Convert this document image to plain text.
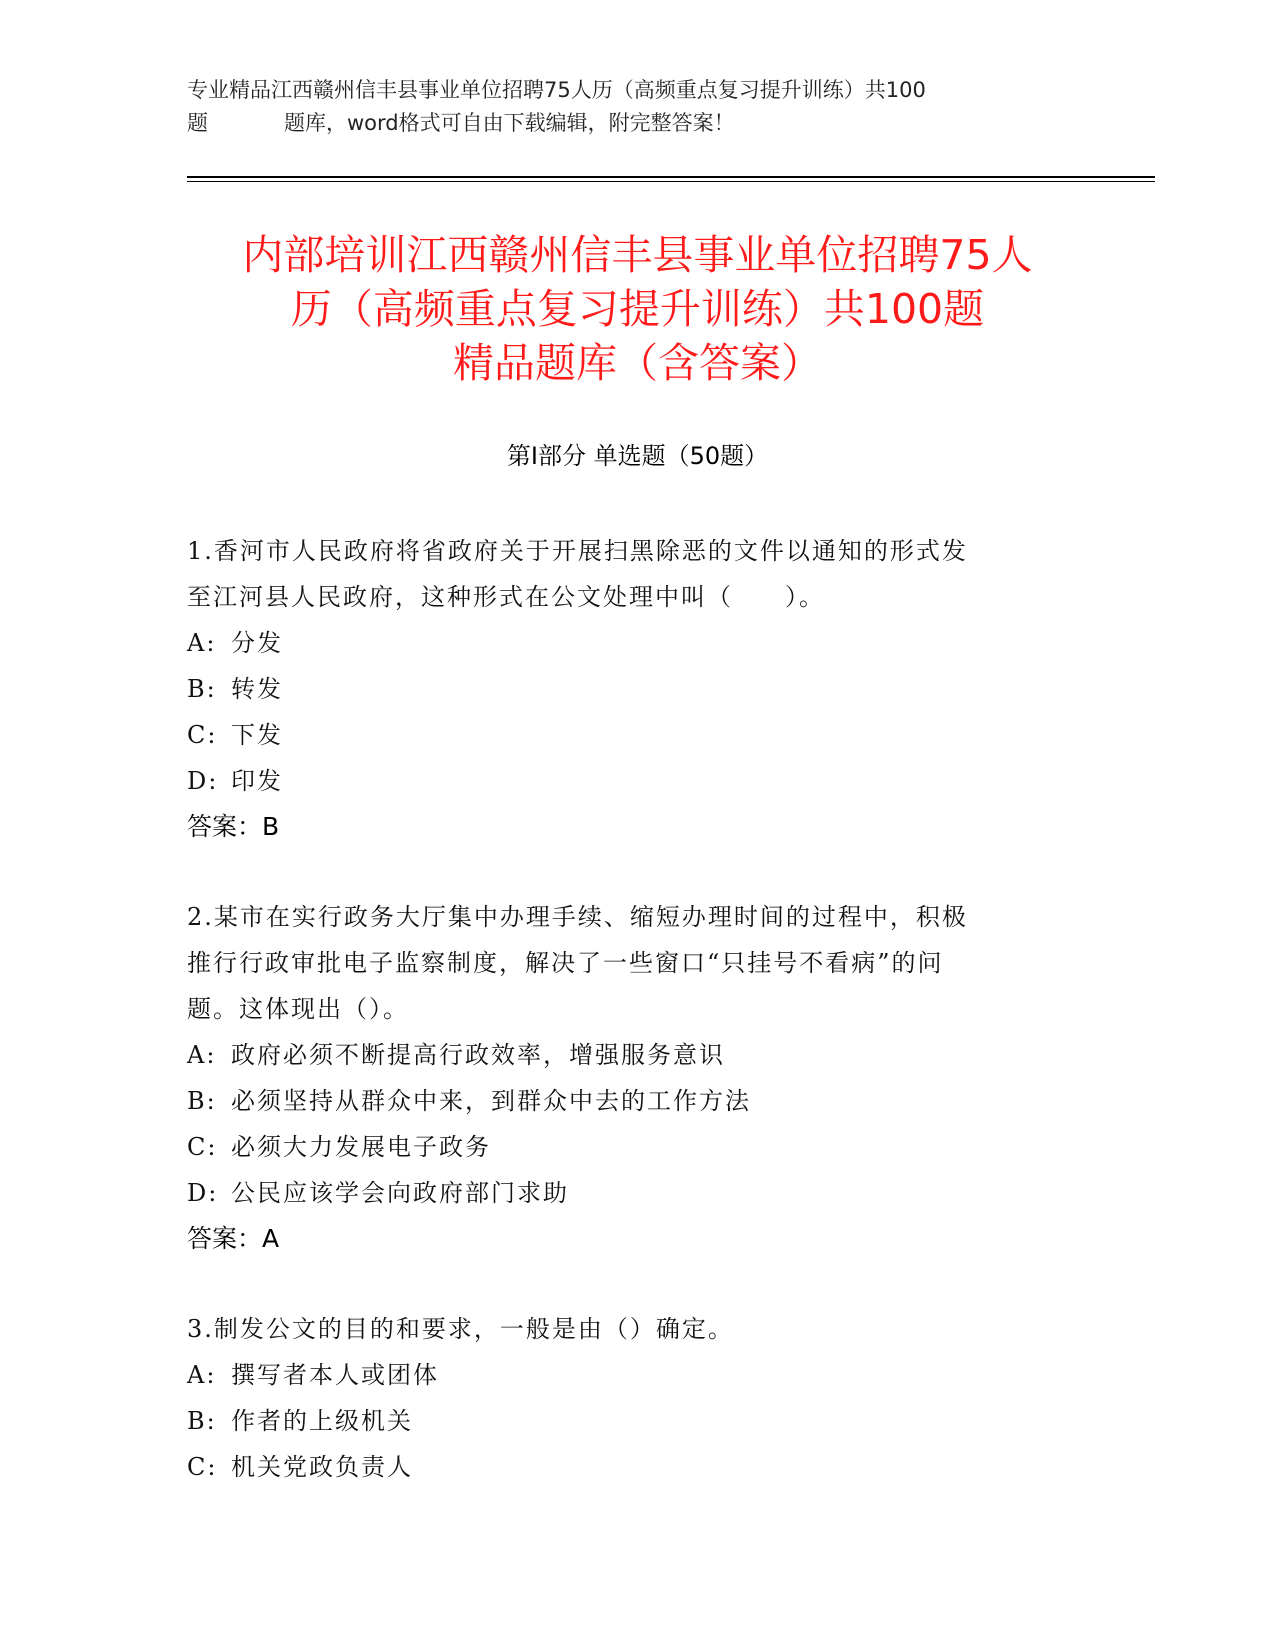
专业精品江西赣州信丰县事业单位招聘75人历（高频重点复习提升训练）共100
题	题库，word格式可自由下载编辑，附完整答案！
内部培训江西赣州信丰县事业单位招聘75人
历（高频重点复习提升训练）共100题
精品题库（含答案）
第Ⅰ部分 单选题（50题）
1.香河市人民政府将省政府关于开展扫黑除恶的文件以通知的形式发
至江河县人民政府，这种形式在公文处理中叫（　　）。
A: 分发
B: 转发
C: 下发
D: 印发
答案：B
2.某市在实行政务大厅集中办理手续、缩短办理时间的过程中，积极
推行行政审批电子监察制度，解决了一些窗口“只挂号不看病”的问
题。这体现出（）。
A: 政府必须不断提高行政效率，增强服务意识
B: 必须坚持从群众中来，到群众中去的工作方法
C: 必须大力发展电子政务
D: 公民应该学会向政府部门求助
答案：A
3.制发公文的目的和要求，一般是由（）确定。
A: 撰写者本人或团体
B: 作者的上级机关
C: 机关党政负责人
